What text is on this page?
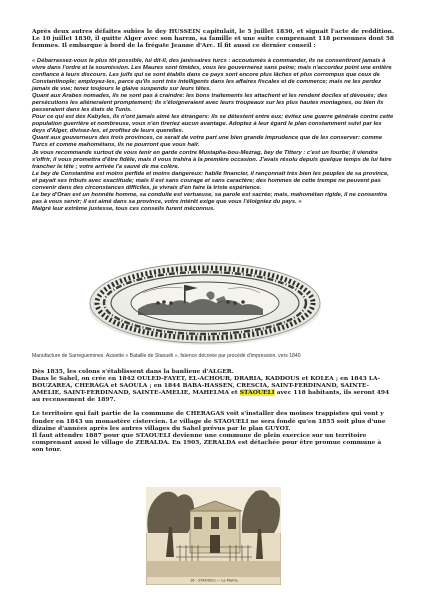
Après deux autres défaites subies le dey HUSSEIN capitulait, le 5 juillet 1830, et signait l'acte de reddition. Le 10 juillet 1830, il quitte Alger avec son harem, sa famille et une suite comprenant 118 personnes dont 58 femmes. Il embarque à bord de la frégate Jeanne d'Arc. Il fit aussi ce dernier conseil :

« Débarrassez-vous le plus tôt possible, lui dit-il, des janissaires turcs : accoutumés à commander, ils ne consentiront jamais à vivre dans l'ordre et la soumission. Les Maures sont timides, vous les gouvernerez sans peine; mais n'accordez point une entière confiance à leurs discours. Les juifs qui se sont établis dans ce pays sont encore plus lâches et plus corrompus que ceux de Constantinople; employez-les, parce qu'ils sont très intelligents dans les affaires fiscales et de commerce; mais ne les perdez jamais de vue; tenez toujours le glaive suspendu sur leurs têtes.

Quant aux Arabes nomades, ils ne sont pas à craindre: les bons traitements les attachent et les rendent dociles et dévoués; des persécutions les aliéneraient promptement; ils s'éloigneraient avec leurs troupeaux sur les plus hautes montagnes, ou bien ils passeraient dans les états de Tunis.

Pour ce qui est des Kabyles, ils n'ont jamais aimé les étrangers: ils se détestent entre eux; évitez une guerre générale contre cette population guerrière et nombreuse, vous n'en tireriez aucun avantage. Adoptez à leur égard le plan constamment suivi par les deys d'Alger, divisez-les, et profitez de leurs querelles.

Quant aux gouverneurs des trois provinces, ce serait de votre part une bien grande imprudence que de les conserver: comme Turcs et comme mahométans, ils ne pourront que vous haïr.

Je vous recommande surtout de vous tenir en garde contre Mustapha-bou-Mezrag, bey de Tittery : c'est un fourbe; il viendra s'offrir, il vous promettra d'être fidèle, mais il vous trahira à la première occasion. J'avais résolu depuis quelque temps de lui faire trancher la tête ; votre arrivée l'a sauvé de ma colère.

Le bey de Constantine est moins perfide et moins dangereux: habile financier, il rançonnait très bien les peuples de sa province, et payait ses tributs avec exactitude; mais il est sans courage et sans caractère; des hommes de cette trempe ne peuvent pas convenir dans des circonstances difficiles, je vivrais d'en faire la triste expérience.

Le bey d'Oran est un honnête homme, sa conduite est vertueuse, sa parole est sacrée; mais, mahométan rigide, il ne consentira pas à vous servir; il est aimé dans sa province, votre intérêt exige que vous l'éloigniez du pays. »

Malgré leur extrême justesse, tous ces conseils furent méconnus.

Manufacture de Sarreguemines. Assiette « Bataille de Staouéli », faïence décorée par procédé d'impression, vers 1840

Dès 1835, les colons s'établissent dans la banlieue d'ALGER.

Dans le Sahel, on crée en 1842 OULED-FAYET, EL-ACHOUR, DRARIA, KADDOUS et KOLEA ; en 1843 LA-BOUZAREA, CHERAGA et SAOULA ; en 1844 BABA-HASSEN, CRESCIA, SAINT-FERDINAND, SAINTE-AMELIE, SAINT-FERDINAND, SAINTE-AMELIE, MAHELMA et STAOUELI avec 118 habitants, ils seront 494 au recensement de 1897.

Le territoire qui fait partie de la commune de CHERAGAS voit s'installer des moines trappistes qui vont y fonder en 1843 un monastère cistercien. Le village de STAOUELI ne sera fondé qu'en 1855 soit plus d'une dizaine d'années après les autres villages du Sahel prévus par le plan GUYOT.

Il faut attendre 1887 pour que STAOUELI devienne une commune de plein exercice sur un territoire comprenant aussi le village de ZERALDA. En 1905, ZERALDA est détachée pour être promue commune à son tour.

16 - STAOUELI — La Mairie.
